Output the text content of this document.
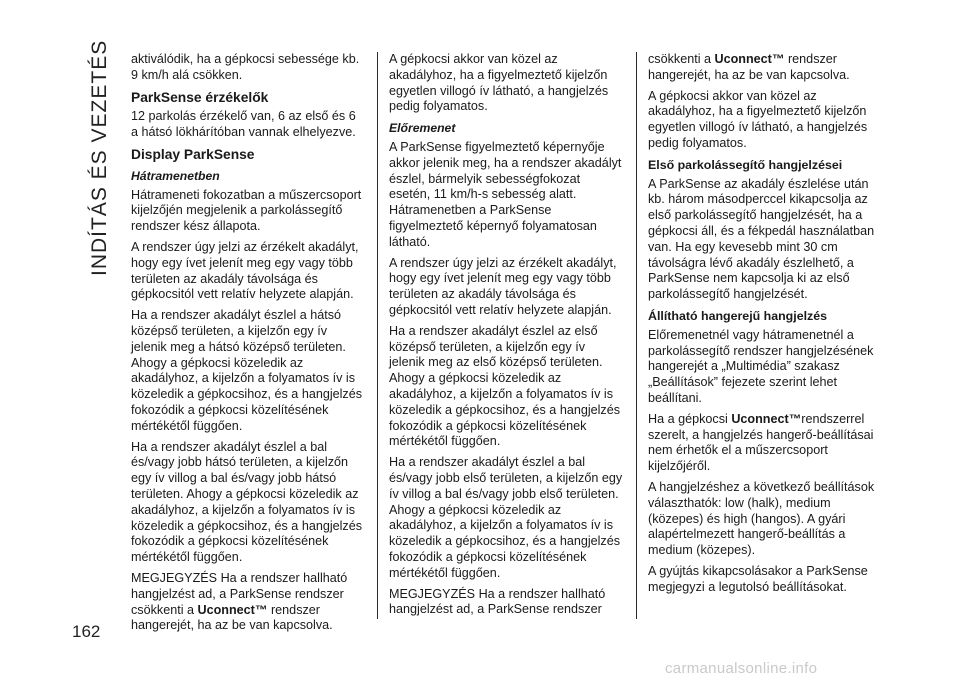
INDÍTÁS ÉS VEZETÉS aktiválódik, ha a gépkocsi sebessége kb. 9 km/h alá csökken.

ParkSense érzékelők

12 parkolás érzékelő van, 6 az első és 6 a hátsó lökhárítóban vannak elhelyezve.

Display ParkSense
Hátramenetben

Hátrameneti fokozatban a műszercsoport kijelzőjén megjelenik a parkolássegítő rendszer kész állapota.

A rendszer úgy jelzi az érzékelt akadályt, hogy egy ívet jelenít meg egy vagy több területen az akadály távolsága és gépkocsitól vett relatív helyzete alapján.

Ha a rendszer akadályt észlel a hátsó középső területen, a kijelzőn egy ív jelenik meg a hátsó középső területen. Ahogy a gépkocsi közeledik az akadályhoz, a kijelzőn a folyamatos ív is közeledik a gépkocsihoz, és a hangjelzés fokozódik a gépkocsi közelítésének mértékétől függően.

Ha a rendszer akadályt észlel a bal és/vagy jobb hátsó területen, a kijelzőn egy ív villog a bal és/vagy jobb hátsó területen. Ahogy a gépkocsi közeledik az akadályhoz, a kijelzőn a folyamatos ív is közeledik a gépkocsihoz, és a hangjelzés fokozódik a gépkocsi közelítésének mértékétől függően.

MEGJEGYZÉS Ha a rendszer hallható hangjelzést ad, a ParkSense rendszer csökkenti a Uconnect™ rendszer hangerejét, ha az be van kapcsolva.

A gépkocsi akkor van közel az akadályhoz, ha a figyelmeztető kijelzőn egyetlen villogó ív látható, a hangjelzés pedig folyamatos.

Előremenet

A ParkSense figyelmeztető képernyője akkor jelenik meg, ha a rendszer akadályt észlel, bármelyik sebességfokozat esetén, 11 km/h-s sebesség alatt. Hátramenetben a ParkSense figyelmeztető képernyő folyamatosan látható.

A rendszer úgy jelzi az érzékelt akadályt, hogy egy ívet jelenít meg egy vagy több területen az akadály távolsága és gépkocsitól vett relatív helyzete alapján.

Ha a rendszer akadályt észlel az első középső területen, a kijelzőn egy ív jelenik meg az első középső területen. Ahogy a gépkocsi közeledik az akadályhoz, a kijelzőn a folyamatos ív is közeledik a gépkocsihoz, és a hangjelzés fokozódik a gépkocsi közelítésének mértékétől függően.

Ha a rendszer akadályt észlel a bal és/vagy jobb első területen, a kijelzőn egy ív villog a bal és/vagy jobb első területen. Ahogy a gépkocsi közeledik az akadályhoz, a kijelzőn a folyamatos ív is közeledik a gépkocsihoz, és a hangjelzés fokozódik a gépkocsi közelítésének mértékétől függően.

MEGJEGYZÉS Ha a rendszer hallható hangjelzést ad, a ParkSense rendszer

csökkenti a Uconnect™ rendszer hangerejét, ha az be van kapcsolva.

A gépkocsi akkor van közel az akadályhoz, ha a figyelmeztető kijelzőn egyetlen villogó ív látható, a hangjelzés pedig folyamatos.

Első parkolássegítő hangjelzései

A ParkSense az akadály észlelése után kb. három másodperccel kikapcsolja az első parkolássegítő hangjelzését, ha a gépkocsi áll, és a fékpedál használatban van. Ha egy kevesebb mint 30 cm távolságra lévő akadály észlelhető, a ParkSense nem kapcsolja ki az első parkolássegítő hangjelzését.

Állítható hangerejű hangjelzés

Előremenetnél vagy hátramenetnél a parkolássegítő rendszer hangjelzésének hangerejét a „Multimédia” szakasz „Beállítások” fejezete szerint lehet beállítani.

Ha a gépkocsi Uconnect™rendszerrel szerelt, a hangjelzés hangerő-beállításai nem érhetők el a műszercsoport kijelzőjéről.

A hangjelzéshez a következő beállítások választhatók: low (halk), medium (közepes) és high (hangos). A gyári alapértelmezett hangerő-beállítás a medium (közepes).

A gyújtás kikapcsolásakor a ParkSense megjegyzi a legutolsó beállításokat.

162
carmanualsonline.info
